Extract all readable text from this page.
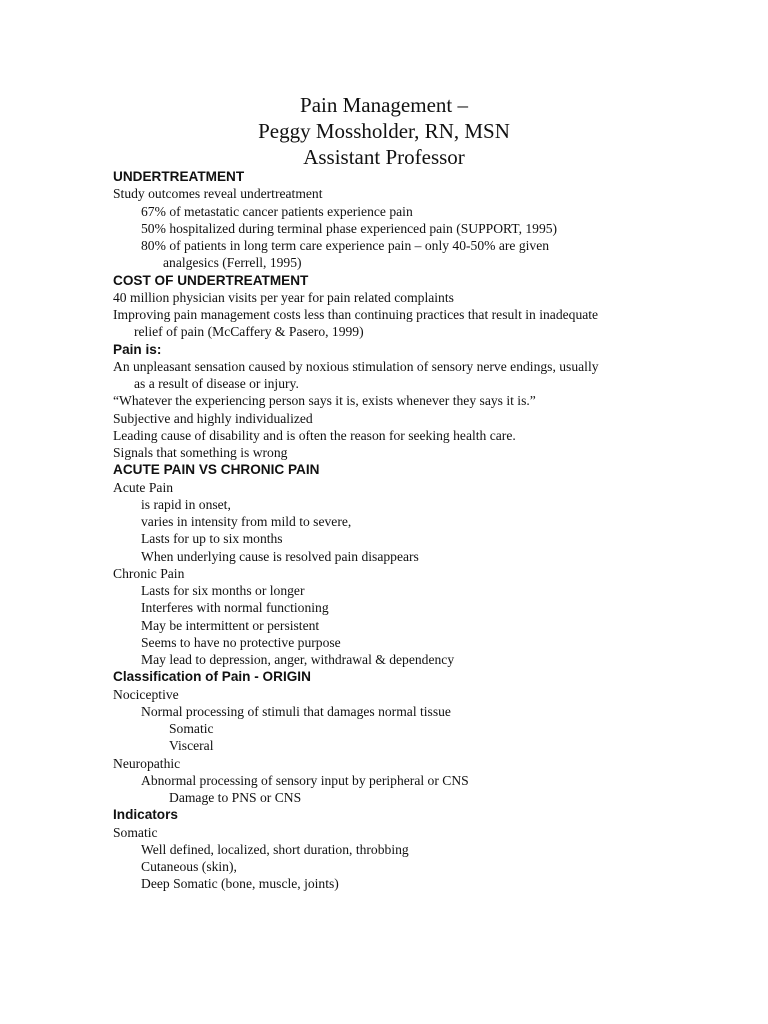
Pain Management –
Peggy Mossholder, RN, MSN
Assistant Professor
UNDERTREATMENT
Study outcomes reveal undertreatment
67% of metastatic cancer patients experience pain
50% hospitalized during terminal phase experienced pain (SUPPORT, 1995)
80% of patients in long term care experience pain – only 40-50% are given
analgesics (Ferrell, 1995)
COST OF UNDERTREATMENT
40 million physician visits per year for pain related complaints
Improving pain management costs less than continuing practices that result in inadequate
relief of pain (McCaffery & Pasero, 1999)
Pain is:
An unpleasant sensation caused by noxious stimulation of sensory nerve endings, usually
as a result of disease or injury.
“Whatever the experiencing person says it is, exists whenever they says it is.”
Subjective and highly individualized
Leading cause of disability and is often the reason for seeking health care.
Signals that something is wrong
ACUTE PAIN VS CHRONIC PAIN
Acute Pain
is rapid in onset,
varies in intensity from mild to severe,
Lasts for up to six months
When underlying cause is resolved pain disappears
Chronic Pain
Lasts for six months or longer
Interferes with normal functioning
May be intermittent or persistent
Seems to have no protective purpose
May lead to depression, anger, withdrawal & dependency
Classification of Pain - ORIGIN
Nociceptive
Normal processing of stimuli that damages normal tissue
Somatic
Visceral
Neuropathic
Abnormal processing of sensory input by peripheral or CNS
Damage to PNS or CNS
Indicators
Somatic
Well defined, localized, short duration, throbbing
Cutaneous (skin),
Deep Somatic (bone, muscle, joints)
